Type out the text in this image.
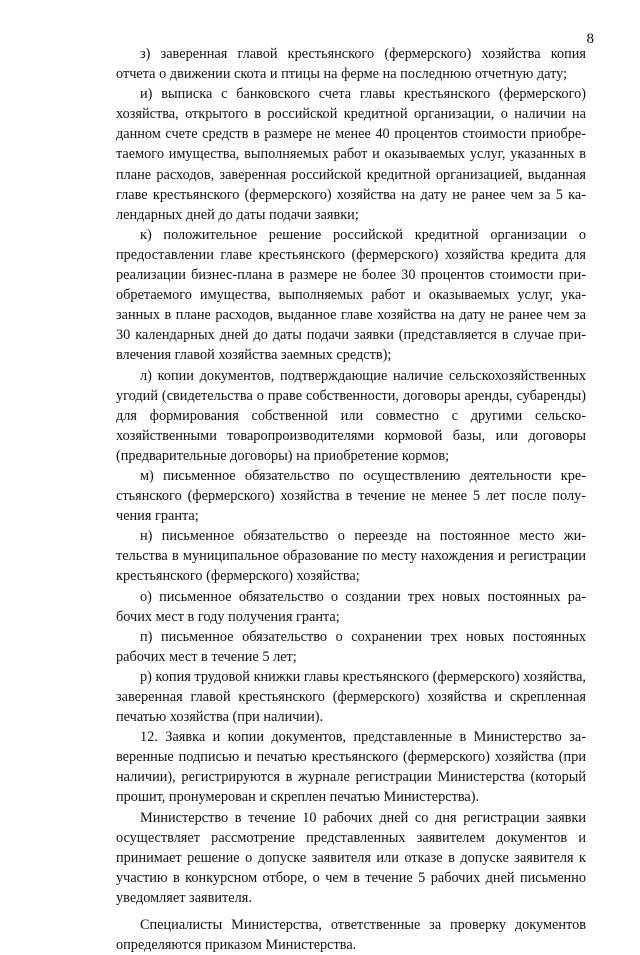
8

з) заверенная главой крестьянского (фермерского) хозяйства копия отчета о движении скота и птицы на ферме на последнюю отчетную дату;

и) выписка с банковского счета главы крестьянского (фермерского) хозяйства, открытого в российской кредитной организации, о наличии на данном счете средств в размере не менее 40 процентов стоимости приобретаемого имущества, выполняемых работ и оказываемых услуг, указанных в плане расходов, заверенная российской кредитной организацией, выданная главе крестьянского (фермерского) хозяйства на дату не ранее чем за 5 календарных дней до даты подачи заявки;

к) положительное решение российской кредитной организации о предоставлении главе крестьянского (фермерского) хозяйства кредита для реализации бизнес-плана в размере не более 30 процентов стоимости приобретаемого имущества, выполняемых работ и оказываемых услуг, указанных в плане расходов, выданное главе хозяйства на дату не ранее чем за 30 календарных дней до даты подачи заявки (представляется в случае привлечения главой хозяйства заемных средств);

л) копии документов, подтверждающие наличие сельскохозяйственных угодий (свидетельства о праве собственности, договоры аренды, субаренды) для формирования собственной или совместно с другими сельскохозяйственными товаропроизводителями кормовой базы, или договоры (предварительные договоры) на приобретение кормов;

м) письменное обязательство по осуществлению деятельности крестьянского (фермерского) хозяйства в течение не менее 5 лет после получения гранта;

н) письменное обязательство о переезде на постоянное место жительства в муниципальное образование по месту нахождения и регистрации крестьянского (фермерского) хозяйства;

о) письменное обязательство о создании трех новых постоянных рабочих мест в году получения гранта;

п) письменное обязательство о сохранении трех новых постоянных рабочих мест в течение 5 лет;

р) копия трудовой книжки главы крестьянского (фермерского) хозяйства, заверенная главой крестьянского (фермерского) хозяйства и скрепленная печатью хозяйства (при наличии).

12. Заявка и копии документов, представленные в Министерство заверенные подписью и печатью крестьянского (фермерского) хозяйства (при наличии), регистрируются в журнале регистрации Министерства (который прошит, пронумерован и скреплен печатью Министерства).

Министерство в течение 10 рабочих дней со дня регистрации заявки осуществляет рассмотрение представленных заявителем документов и принимает решение о допуске заявителя или отказе в допуске заявителя к участию в конкурсном отборе, о чем в течение 5 рабочих дней письменно уведомляет заявителя.

Специалисты Министерства, ответственные за проверку документов определяются приказом Министерства.
